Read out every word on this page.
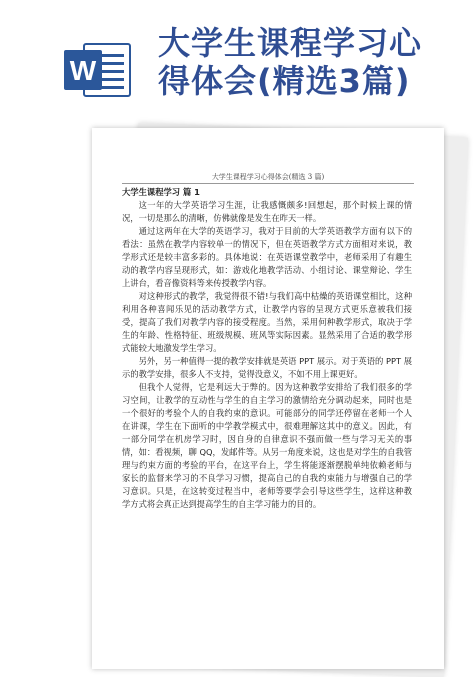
W
大学生课程学习心
得体会(精选3篇)
大学生课程学习心得体会(精选 3 篇)

大学生课程学习 篇 1

这一年的大学英语学习生涯，让我感慨颇多!回想起，那个时候上课的情况，一切是那么的清晰，仿佛就像是发生在昨天一样。

通过这两年在大学的英语学习，我对于目前的大学英语教学方面有以下的看法：虽然在教学内容较单一的情况下，但在英语教学方式方面相对来说，教学形式还是较丰富多彩的。具体地说：在英语课堂教学中，老师采用了有趣生动的教学内容呈现形式，如：游戏化地教学活动、小组讨论、课堂辩论、学生上讲台，看音像资料等来传授教学内容。

对这种形式的教学，我觉得很不错!与我们高中枯燥的英语课堂相比，这种利用各种喜闻乐见的活动教学方式，让教学内容的呈现方式更乐意被我们接受，提高了我们对教学内容的接受程度。当然，采用何种教学形式，取决于学生的年龄、性格特征、班级规模、班风等实际因素。显然采用了合适的教学形式能较大地激发学生学习。

另外，另一种值得一提的教学安排就是英语 PPT 展示。对于英语的 PPT 展示的教学安排，很多人不支持，觉得没意义，不如不用上课更好。

但我个人觉得，它是利远大于弊的。因为这种教学安排给了我们很多的学习空间，让教学的互动性与学生的自主学习的激情给充分调动起来，同时也是一个很好的考验个人的自我约束的意识。可能部分的同学还停留在老师一个人在讲课，学生在下面听的中学教学模式中，很难理解这其中的意义。因此，有一部分同学在机房学习时，因自身的自律意识不强而做一些与学习无关的事情，如：看视频，聊 QQ，发邮件等。从另一角度来说，这也是对学生的自我管理与约束方面的考验的平台，在这平台上，学生将能逐渐摆脱单纯依赖老师与家长的监督来学习的不良学习习惯，提高自己的自我约束能力与增强自己的学习意识。只是，在这转变过程当中，老师等要学会引导这些学生，这样这种教学方式将会真正达到提高学生的自主学习能力的目的。
